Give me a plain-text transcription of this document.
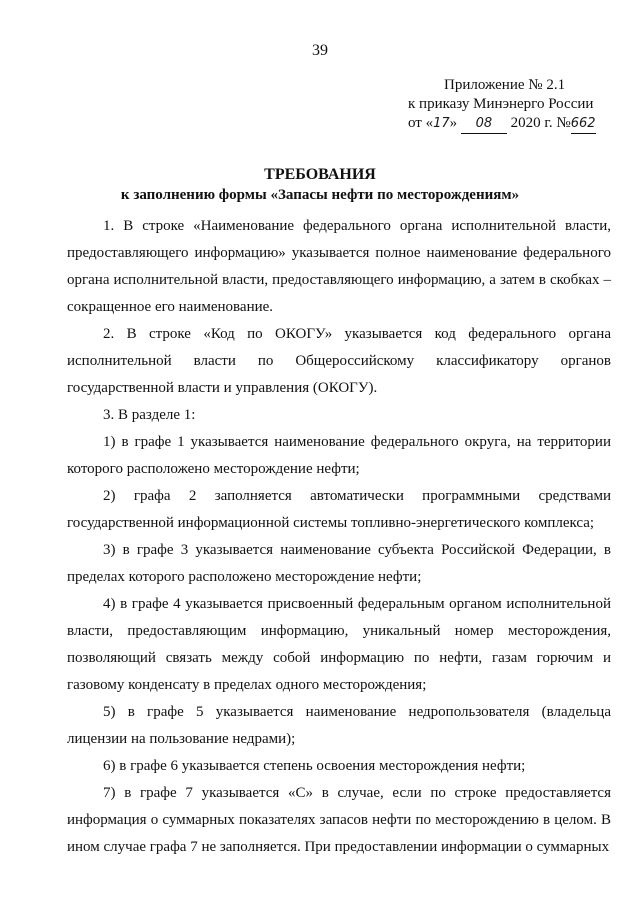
39
Приложение № 2.1
к приказу Минэнерго России
от «17» 08 2020 г. №662
ТРЕБОВАНИЯ
к заполнению формы «Запасы нефти по месторождениям»

1. В строке «Наименование федерального органа исполнительной власти, предоставляющего информацию» указывается полное наименование федерального органа исполнительной власти, предоставляющего информацию, а затем в скобках – сокращенное его наименование.

2. В строке «Код по ОКОГУ» указывается код федерального органа исполнительной власти по Общероссийскому классификатору органов государственной власти и управления (ОКОГУ).

3. В разделе 1:

1) в графе 1 указывается наименование федерального округа, на территории которого расположено месторождение нефти;

2) графа 2 заполняется автоматически программными средствами государственной информационной системы топливно-энергетического комплекса;

3) в графе 3 указывается наименование субъекта Российской Федерации, в пределах которого расположено месторождение нефти;

4) в графе 4 указывается присвоенный федеральным органом исполнительной власти, предоставляющим информацию, уникальный номер месторождения, позволяющий связать между собой информацию по нефти, газам горючим и газовому конденсату в пределах одного месторождения;

5) в графе 5 указывается наименование недропользователя (владельца лицензии на пользование недрами);

6) в графе 6 указывается степень освоения месторождения нефти;

7) в графе 7 указывается «С» в случае, если по строке предоставляется информация о суммарных показателях запасов нефти по месторождению в целом. В ином случае графа 7 не заполняется. При предоставлении информации о суммарных
